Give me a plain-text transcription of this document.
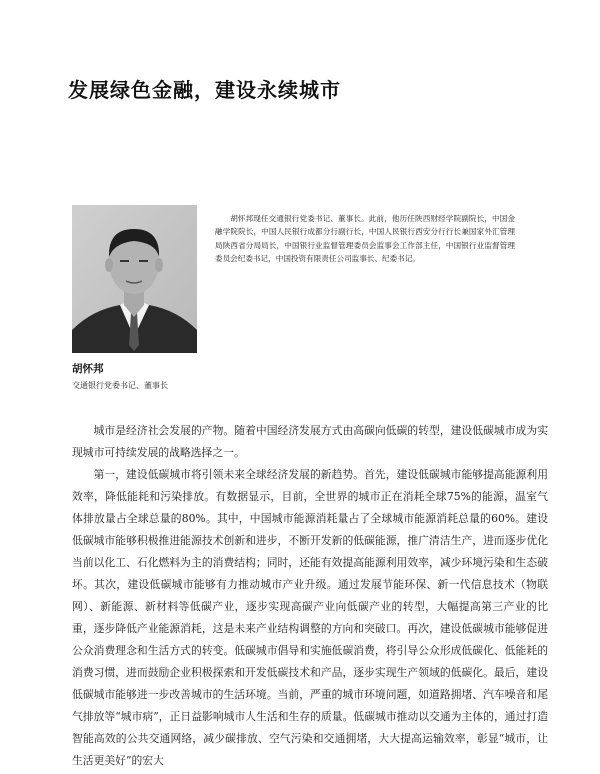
发展绿色金融，建设永续城市

胡怀邦现任交通银行党委书记、董事长。此前，他历任陕西财经学院副院长，中国金融学院院长，中国人民银行成都分行副行长，中国人民银行西安分行行长兼国家外汇管理局陕西省分局局长，中国银行业监督管理委员会监事会工作部主任，中国银行业监督管理委员会纪委书记，中国投资有限责任公司监事长、纪委书记。

胡怀邦

交通银行党委书记、董事长

城市是经济社会发展的产物。随着中国经济发展方式由高碳向低碳的转型，建设低碳城市成为实现城市可持续发展的战略选择之一。

第一，建设低碳城市将引领未来全球经济发展的新趋势。首先，建设低碳城市能够提高能源利用效率，降低能耗和污染排放。有数据显示，目前，全世界的城市正在消耗全球75%的能源，温室气体排放量占全球总量的80%。其中，中国城市能源消耗量占了全球城市能源消耗总量的60%。建设低碳城市能够积极推进能源技术创新和进步，不断开发新的低碳能源，推广清洁生产，进而逐步优化当前以化工、石化燃料为主的消费结构；同时，还能有效提高能源利用效率，减少环境污染和生态破坏。其次，建设低碳城市能够有力推动城市产业升级。通过发展节能环保、新一代信息技术（物联网）、新能源、新材料等低碳产业，逐步实现高碳产业向低碳产业的转型，大幅提高第三产业的比重，逐步降低产业能源消耗，这是未来产业结构调整的方向和突破口。再次，建设低碳城市能够促进公众消费理念和生活方式的转变。低碳城市倡导和实施低碳消费，将引导公众形成低碳化、低能耗的消费习惯，进而鼓励企业积极探索和开发低碳技术和产品，逐步实现生产领域的低碳化。最后，建设低碳城市能够进一步改善城市的生活环境。当前，严重的城市环境问题，如道路拥堵、汽车噪音和尾气排放等“城市病”，正日益影响城市人生活和生存的质量。低碳城市推动以交通为主体的，通过打造智能高效的公共交通网络，减少碳排放、空气污染和交通拥堵，大大提高运输效率，彰显“城市，让生活更美好”的宏大
